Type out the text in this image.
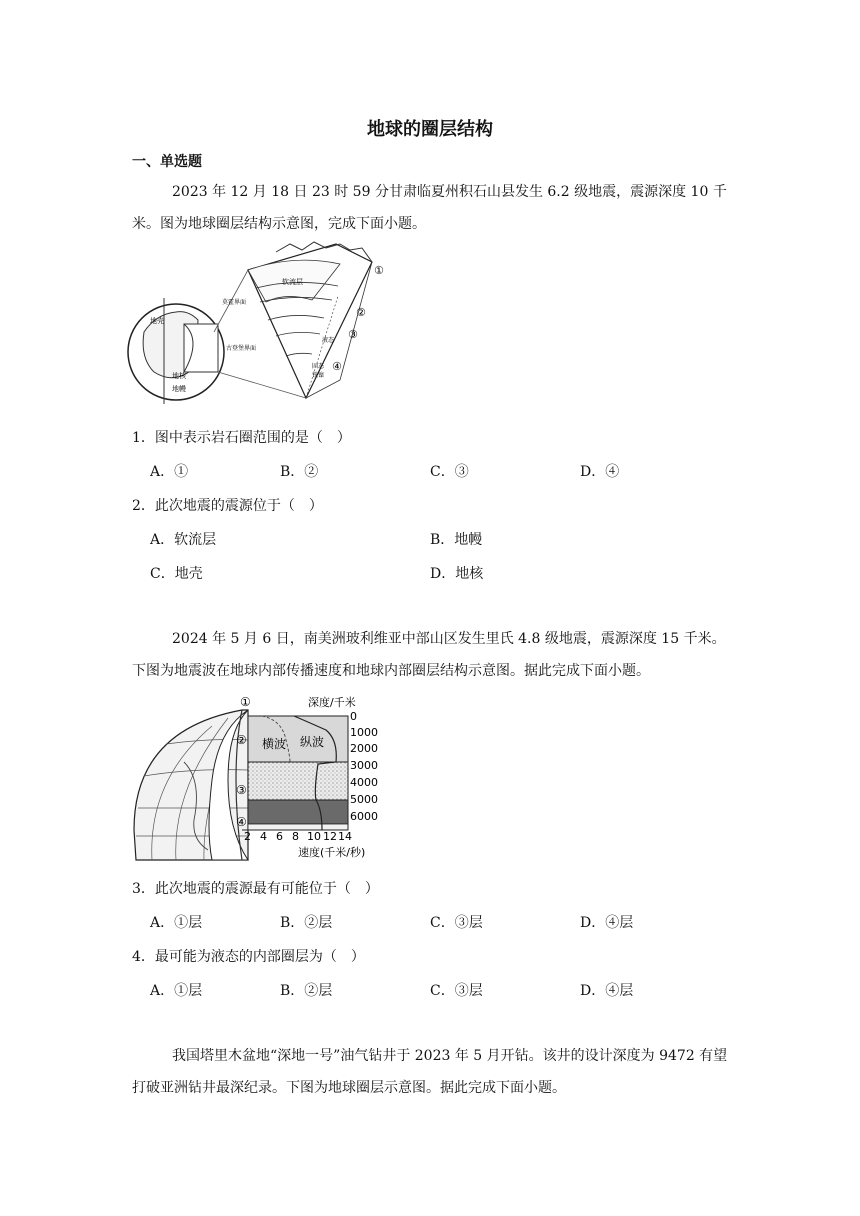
地球的圈层结构
一、单选题
2023 年 12 月 18 日 23 时 59 分甘肃临夏州积石山县发生 6.2 级地震，震源深度 10 千米。图为地球圈层结构示意图，完成下面小题。
软流层
莫霍界面
古登堡界面
液态
固态
铁镍
地核
地幔
地壳
①
②
③
④
1．图中表示岩石圈范围的是（　）
A．①	B．②	C．③	D．④
2．此次地震的震源位于（　）
A．软流层	B．地幔
C．地壳	D．地核
2024 年 5 月 6 日，南美洲玻利维亚中部山区发生里氏 4.8 级地震，震源深度 15 千米。下图为地震波在地球内部传播速度和地球内部圈层结构示意图。据此完成下面小题。
横波 纵波
深度/千米
0
1000
2000
3000
4000
5000
6000
2 4 6 8 10 12 14
速度(千米/秒)
①
②
③
④
3．此次地震的震源最有可能位于（　）
A．①层	B．②层	C．③层	D．④层
4．最可能为液态的内部圈层为（　）
A．①层	B．②层	C．③层	D．④层
我国塔里木盆地“深地一号”油气钻井于 2023 年 5 月开钻。该井的设计深度为 9472 有望打破亚洲钻井最深纪录。下图为地球圈层示意图。据此完成下面小题。
